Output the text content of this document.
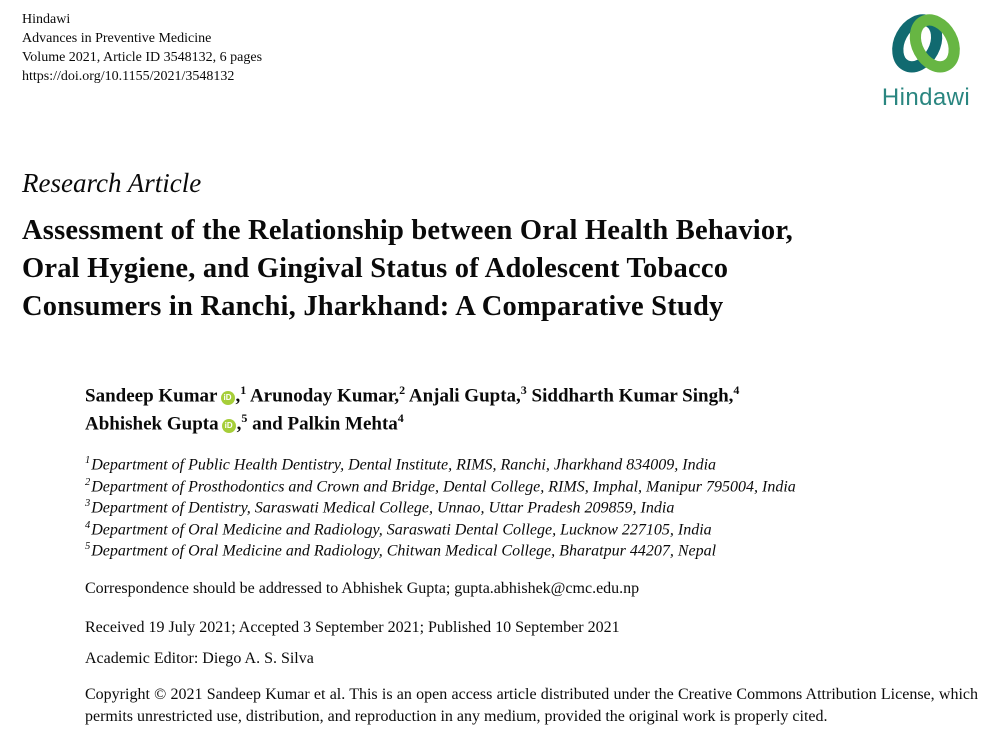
Hindawi
Advances in Preventive Medicine
Volume 2021, Article ID 3548132, 6 pages
https://doi.org/10.1155/2021/3548132
Hindawi
Research Article
Assessment of the Relationship between Oral Health Behavior,
Oral Hygiene, and Gingival Status of Adolescent Tobacco
Consumers in Ranchi, Jharkhand: A Comparative Study
Sandeep Kumar iD ,$^1$ Arunoday Kumar,$^2$ Anjali Gupta,$^3$ Siddharth Kumar Singh,$^4$
Abhishek Gupta iD ,$^5$ and Palkin Mehta$^4$
$^1$Department of Public Health Dentistry, Dental Institute, RIMS, Ranchi, Jharkhand 834009, India
$^2$Department of Prosthodontics and Crown and Bridge, Dental College, RIMS, Imphal, Manipur 795004, India
$^3$Department of Dentistry, Saraswati Medical College, Unnao, Uttar Pradesh 209859, India
$^4$Department of Oral Medicine and Radiology, Saraswati Dental College, Lucknow 227105, India
$^5$Department of Oral Medicine and Radiology, Chitwan Medical College, Bharatpur 44207, Nepal

Correspondence should be addressed to Abhishek Gupta; gupta.abhishek@cmc.edu.np

Received 19 July 2021; Accepted 3 September 2021; Published 10 September 2021

Academic Editor: Diego A. S. Silva

Copyright © 2021 Sandeep Kumar et al. This is an open access article distributed under the Creative Commons Attribution License, which permits unrestricted use, distribution, and reproduction in any medium, provided the original work is properly cited.
